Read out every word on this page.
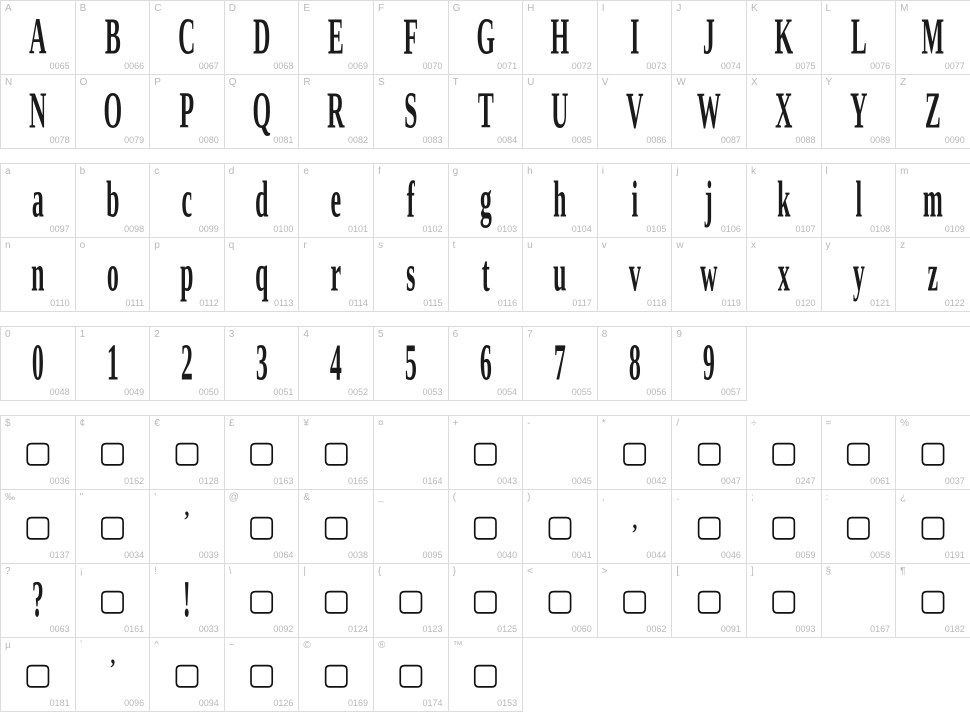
A A
0065
B B
0066
C C
0067
D D
0068
E E
0069
F F
0070
G G
0071
H H
0072
I I
0073
J J
0074
K K
0075
L L
0076
M M
0077
N N
0078
O O
0079
P P
0080
Q Q
0081
R R
0082
S S
0083
T T
0084
U U
0085
V V
0086
W W
0087
X X
0088
Y Y
0089
Z Z
0090
a a
0097
b b
0098
c c
0099
d d
0100
e e
0101
f f
0102
g g
0103
h h
0104
i i
0105
j j
0106
k k
0107
l l
0108
m m
0109
n n
0110
o o
0111
p p
0112
q q
0113
r r
0114
s s
0115
t t
0116
u u
0117
v v
0118
w w
0119
x x
0120
y y
0121
z z
0122
0 0
0048
1 1
0049
2 2
0050
3 3
0051
4 4
0052
5 5
0053
6 6
0054
7 7
0055
8 8
0056
9 9
0057
$
▢
0036
¢
▢
0162
€
▢
0128
£
▢
0163
¥
▢
0165
¤
0164
+
▢
0043
-
0045
*
▢
0042
/
▢
0047
÷
▢
0247
=
▢
0061
%
▢
0037
‰
▢
0137
"
▢
0034
'
’
0039
@
▢
0064
&
▢
0038
_
0095
(
▢
0040
)
▢
0041
,
’
0044
.
▢
0046
;
▢
0059
:
▢
0058
¿
▢
0191
? ?
0063
¡
▢
0161
! !
0033
\
▢
0092
|
▢
0124
{
▢
0123
}
▢
0125
<
▢
0060
>
▢
0062
[
▢
0091
]
▢
0093
§
0167
¶
▢
0182
µ
▢
0181
`
’
0096
^
▢
0094
~
▢
0126
©
▢
0169
®
▢
0174
™
▢
0153
